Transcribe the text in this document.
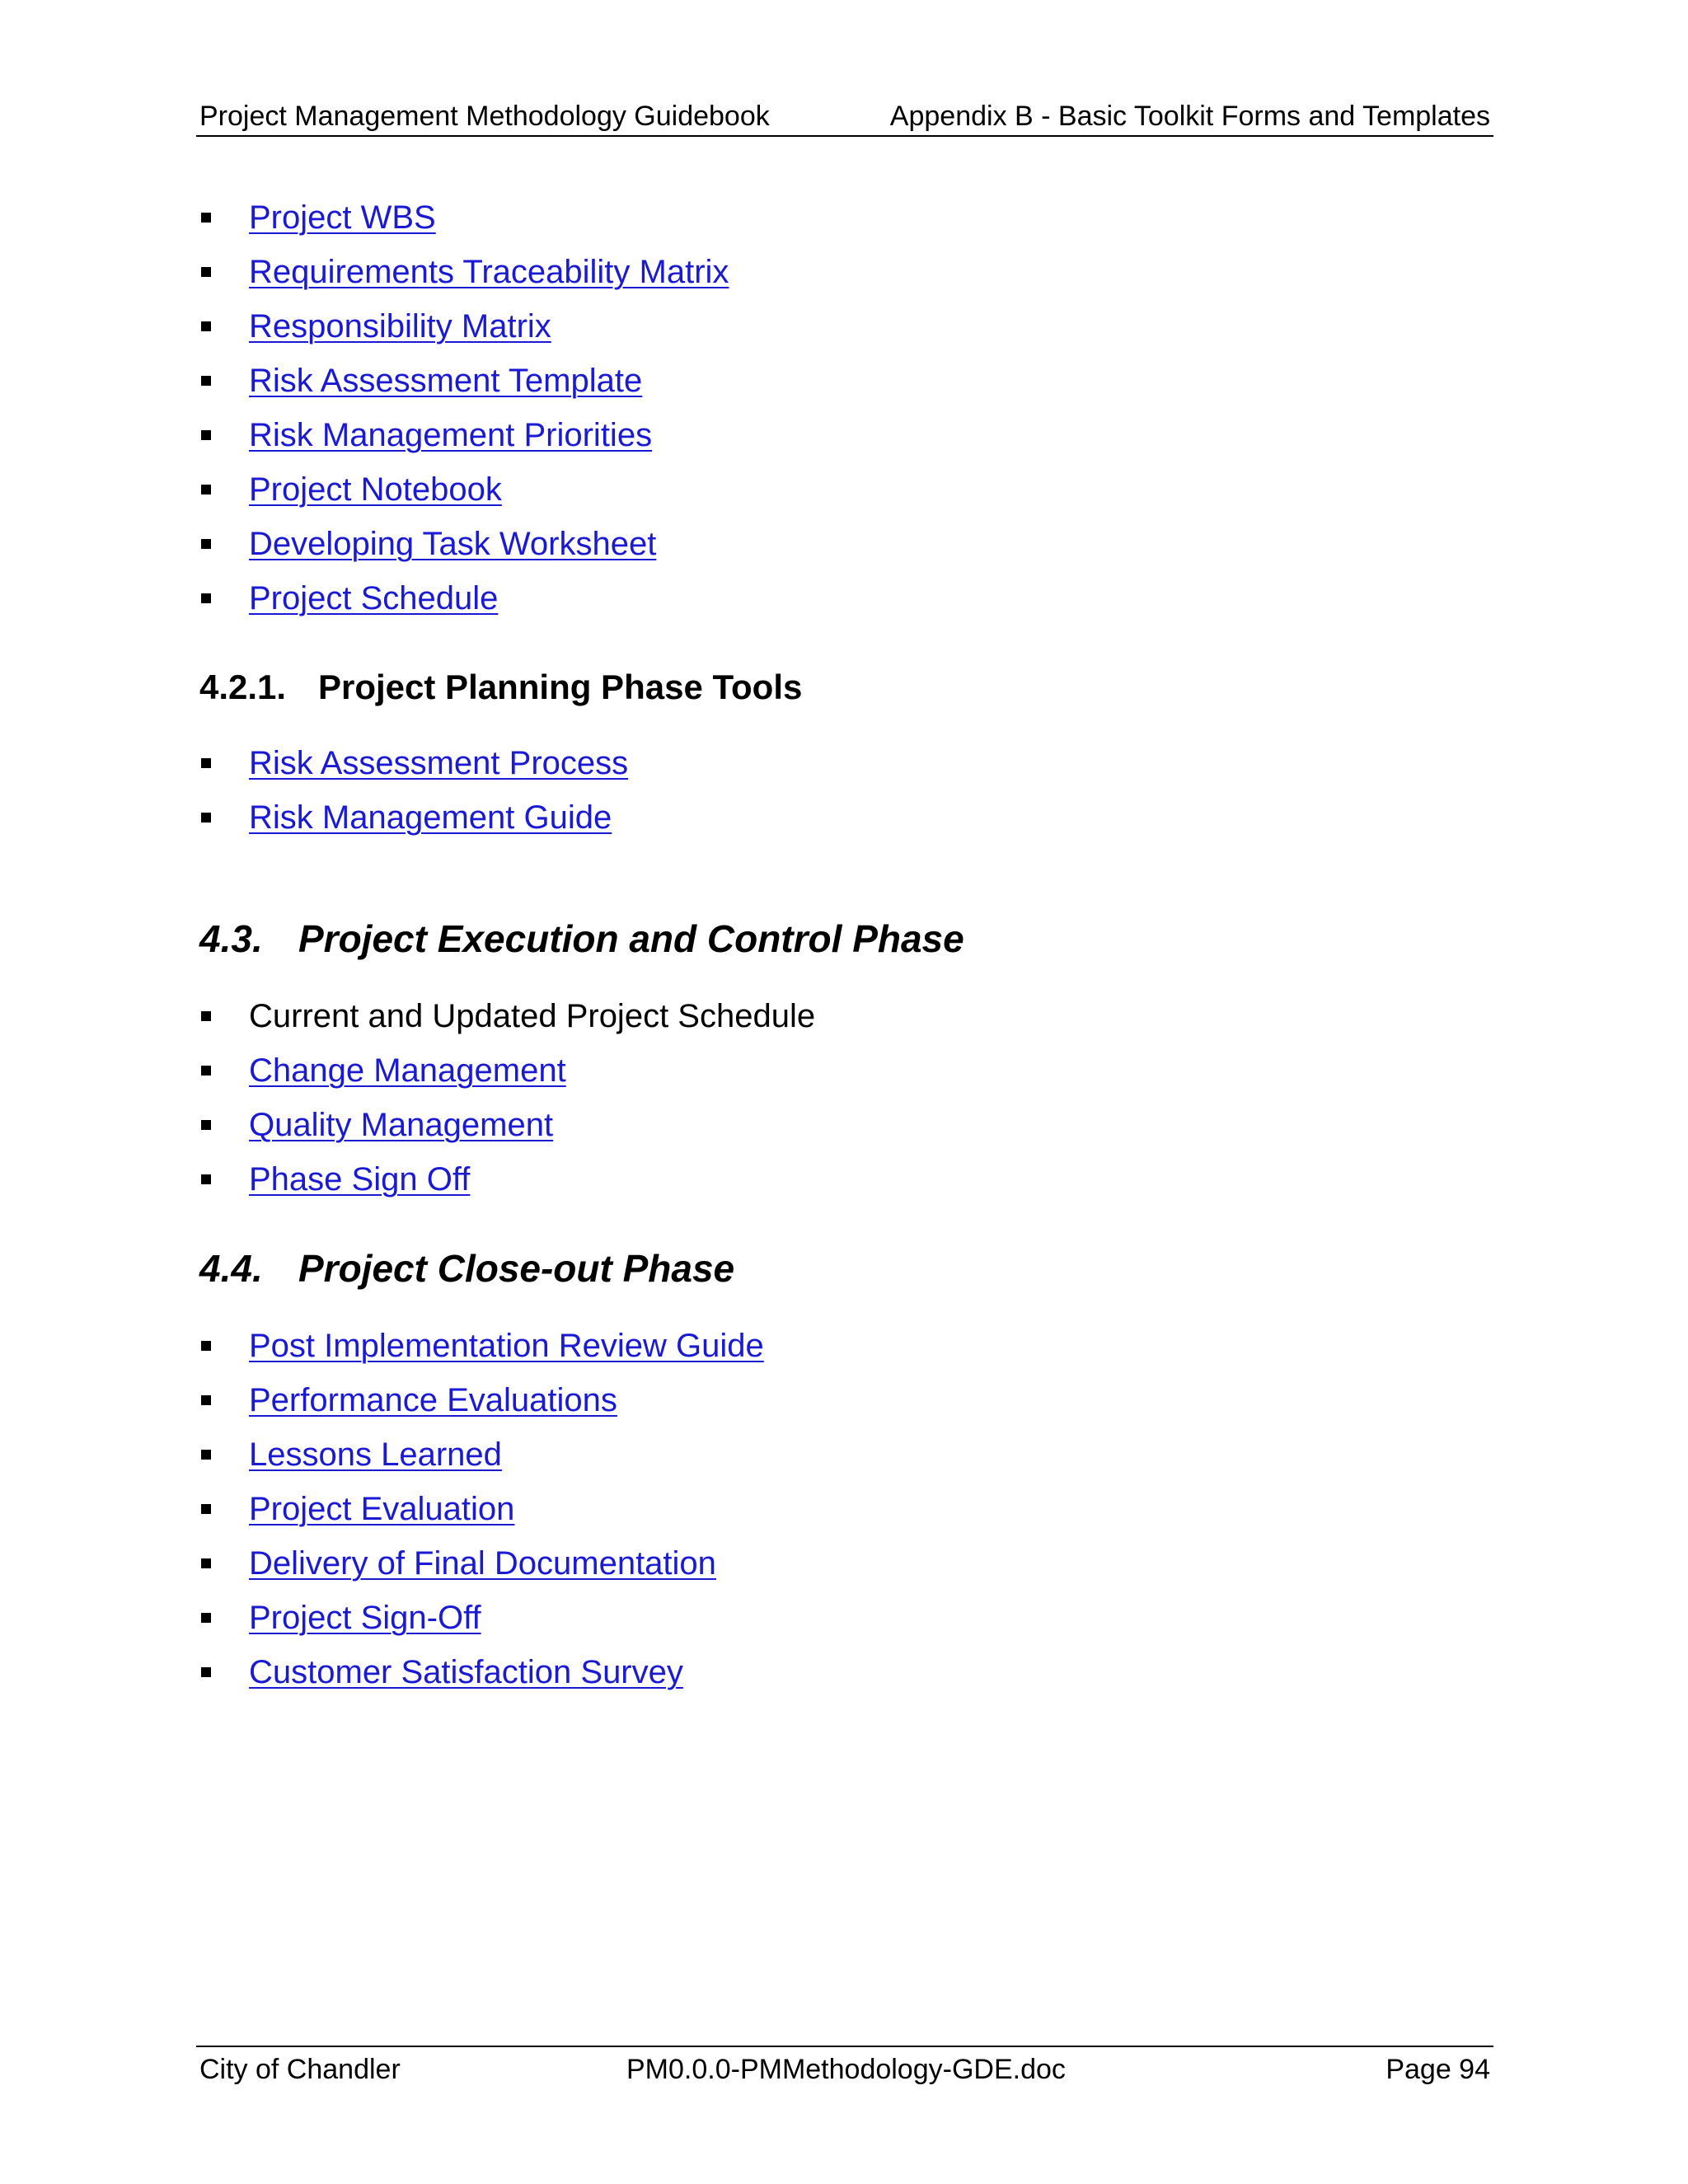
Project Management Methodology Guidebook	Appendix B - Basic Toolkit Forms and Templates
Project WBS
Requirements Traceability Matrix
Responsibility Matrix
Risk Assessment Template
Risk Management Priorities
Project Notebook
Developing Task Worksheet
Project Schedule
4.2.1. Project Planning Phase Tools
Risk Assessment Process
Risk Management Guide
4.3. Project Execution and Control Phase
Current and Updated Project Schedule
Change Management
Quality Management
Phase Sign Off
4.4. Project Close-out Phase
Post Implementation Review Guide
Performance Evaluations
Lessons Learned
Project Evaluation
Delivery of Final Documentation
Project Sign-Off
Customer Satisfaction Survey
City of Chandler	PM0.0.0-PMMethodology-GDE.doc	Page 94
